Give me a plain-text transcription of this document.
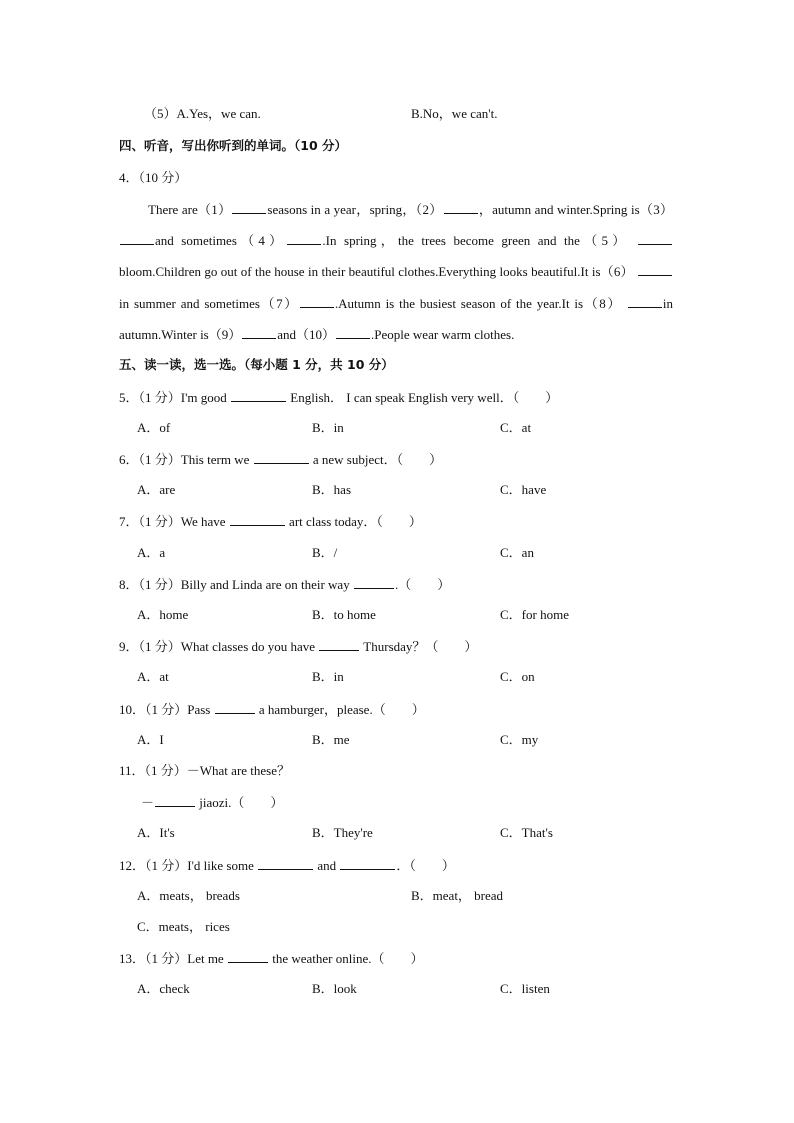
（5）A.Yes，we can.	B.No，we can't.
四、听音，写出你听到的单词。（10 分）
4．（10 分）

There are（1）	seasons in a year，spring，（2）	，autumn and winter.Spring is（3） and sometimes（4）	.In spring，the trees become green and the（5） bloom.Children go out of the house in their beautiful clothes.Everything looks beautiful.It is（6） in summer and sometimes（7）	.Autumn is the busiest season of the year.It is（8）	in autumn.Winter is（9）	and（10）	.People wear warm clothes.

五、读一读，选一选。（每小题 1 分，共 10 分）
5．（1 分）I'm good	English． I can speak English very well．（　　）
A．of	B．in	C．at
6．（1 分）This term we	a new subject．（　　）
A．are	B．has	C．have
7．（1 分）We have	art class today．（　　）
A．a	B．/	C．an
8．（1 分）Billy and Linda are on their way	.（　　）
A．home	B．to home	C．for home
9．（1 分）What classes do you have	Thursday？（　　）
A．at	B．in	C．on
10．（1 分）Pass	a hamburger，please.（　　）
A．I	B．me	C．my
11．（1 分）－What are these？
－	jiaozi.（　　）
A．It's	B．They're	C．That's
12．（1 分）I'd like some	and	．（　　）
A．meats， breads	B．meat， bread
C．meats， rices
13．（1 分）Let me	the weather online.（　　）
A．check	B．look	C．listen
